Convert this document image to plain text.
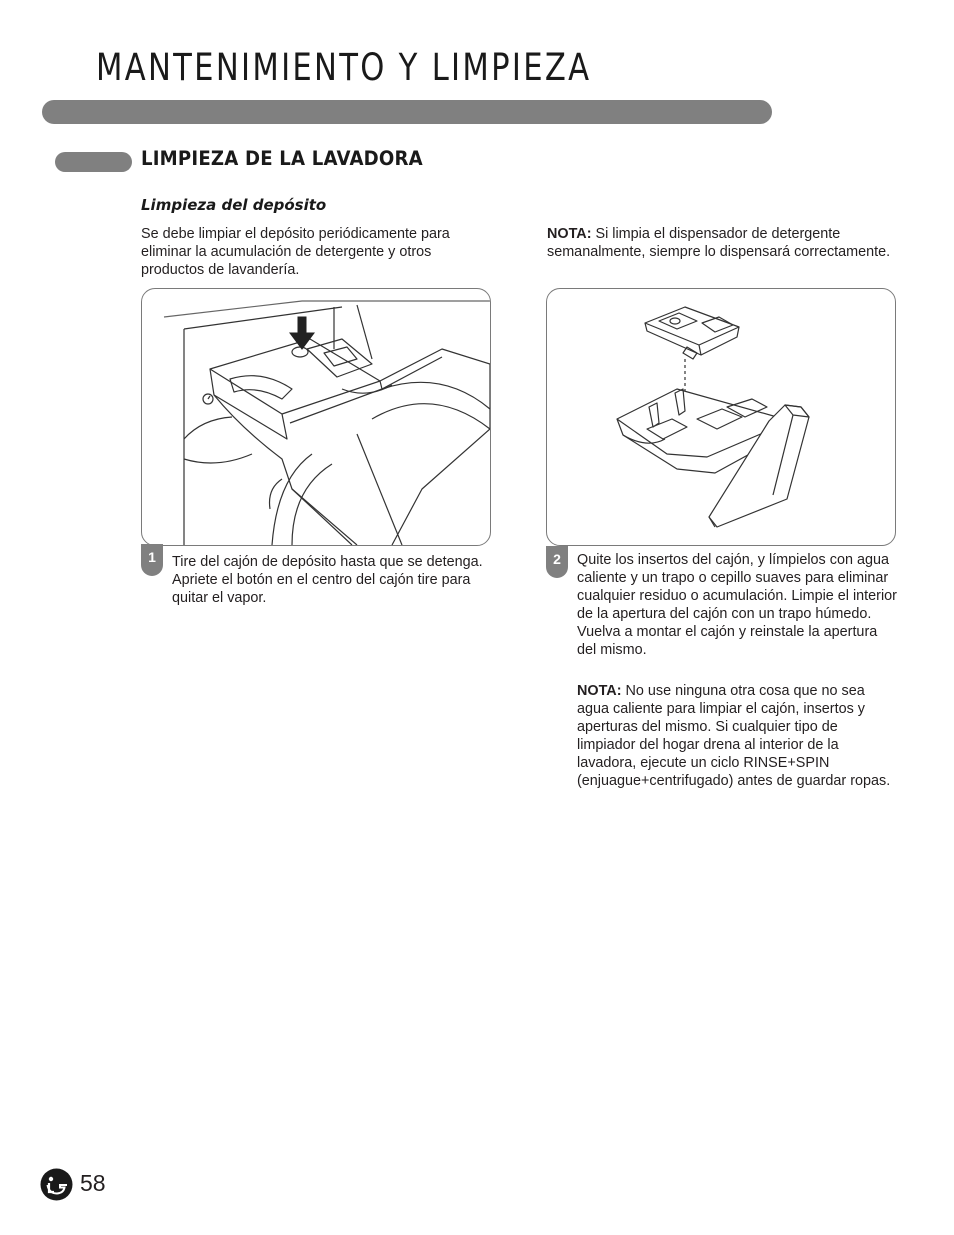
MANTENIMIENTO Y LIMPIEZA
LIMPIEZA DE LA LAVADORA
Limpieza del depósito
Se debe limpiar el depósito periódicamente para eliminar la acumulación de detergente y otros productos de lavandería.
NOTA: Si limpia el dispensador de detergente semanalmente, siempre lo dispensará correctamente.
1	Tire del cajón de depósito hasta que se detenga. Apriete el botón en el centro del cajón tire para quitar el vapor.
2	Quite los insertos del cajón, y límpielos con agua caliente y un trapo o cepillo suaves para eliminar cualquier residuo o acumulación. Limpie el interior de la apertura del cajón con un trapo húmedo. Vuelva a montar el cajón y reinstale la apertura del mismo.
NOTA: No use ninguna otra cosa que no sea agua caliente para limpiar el cajón, insertos y aperturas del mismo. Si cualquier tipo de limpiador del hogar drena al interior de la lavadora, ejecute un ciclo RINSE+SPIN (enjuague+centrifugado) antes de guardar ropas.
58
